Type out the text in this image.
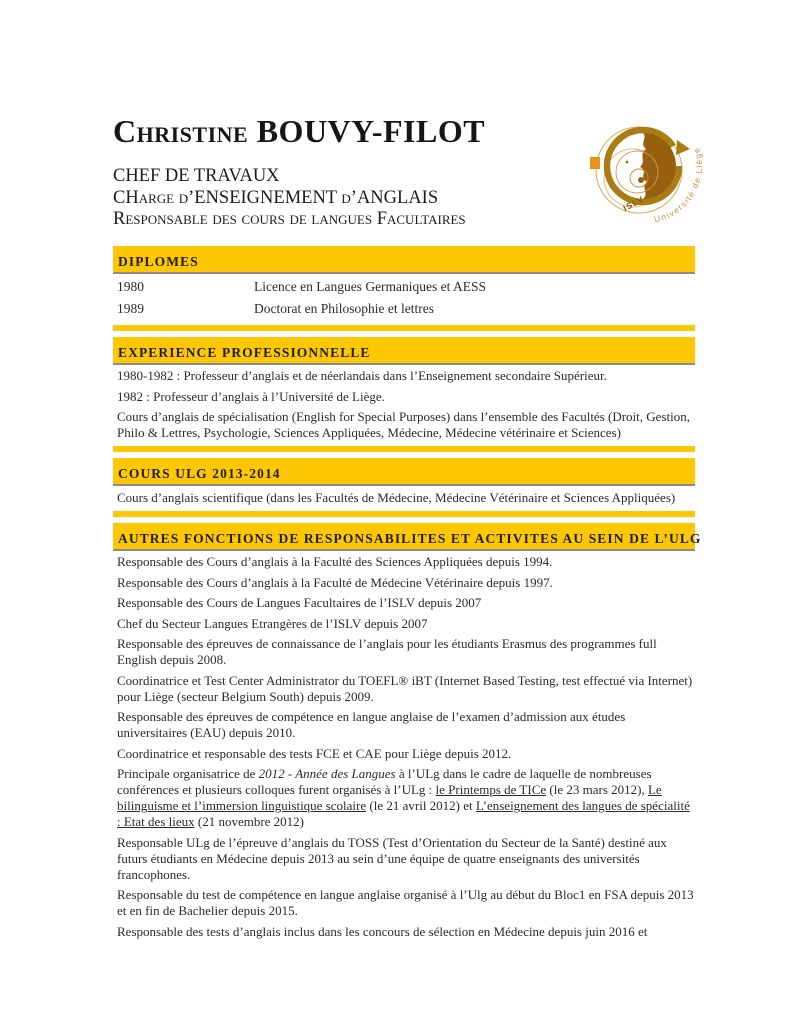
Université de Liège
ISLV
Christine BOUVY-FILOT
CHEF DE TRAVAUX
CHarge d’ENSEIGNEMENT d’ANGLAIS
Responsable des cours de langues Facultaires
DIPLOMES
1980	Licence en Langues Germaniques et AESS
1989	Doctorat en Philosophie et lettres
EXPERIENCE PROFESSIONNELLE

1980-1982 : Professeur d’anglais et de néerlandais dans l’Enseignement secondaire Supérieur.

1982 : Professeur d’anglais à l’Université de Liège.

Cours d’anglais de spécialisation (English for Special Purposes) dans l’ensemble des Facultés (Droit, Gestion, Philo & Lettres, Psychologie, Sciences Appliquées, Médecine, Médecine vétérinaire et Sciences)

COURS ULG 2013-2014

Cours d’anglais scientifique (dans les Facultés de Médecine, Médecine Vétérinaire et Sciences Appliquées)

AUTRES FONCTIONS DE RESPONSABILITES ET ACTIVITES AU SEIN DE L’ULG

Responsable des Cours d’anglais à la Faculté des Sciences Appliquées depuis 1994.

Responsable des Cours d’anglais à la Faculté de Médecine Vétérinaire depuis 1997.

Responsable des Cours de Langues Facultaires de l’ISLV depuis 2007

Chef du Secteur Langues Etrangères de l’ISLV depuis 2007

Responsable des épreuves de connaissance de l’anglais pour les étudiants Erasmus des programmes full English depuis 2008.

Coordinatrice et Test Center Administrator du TOEFL® iBT (Internet Based Testing, test effectué via Internet) pour Liège (secteur Belgium South) depuis 2009.

Responsable des épreuves de compétence en langue anglaise de l’examen d’admission aux études universitaires (EAU) depuis 2010.

Coordinatrice et responsable des tests FCE et CAE pour Liège depuis 2012.

Principale organisatrice de 2012 - Année des Langues à l’ULg dans le cadre de laquelle de nombreuses conférences et plusieurs colloques furent organisés à l’ULg : le Printemps de TICe (le 23 mars 2012), Le bilinguisme et l’immersion linguistique scolaire (le 21 avril 2012) et L’enseignement des langues de spécialité : Etat des lieux (21 novembre 2012)

Responsable ULg de l’épreuve d’anglais du TOSS (Test d’Orientation du Secteur de la Santé) destiné aux futurs étudiants en Médecine depuis 2013 au sein d’une équipe de quatre enseignants des universités francophones.

Responsable du test de compétence en langue anglaise organisé à l’Ulg au début du Bloc1 en FSA depuis 2013 et en fin de Bachelier depuis 2015.

Responsable des tests d’anglais inclus dans les concours de sélection en Médecine depuis juin 2016 et
